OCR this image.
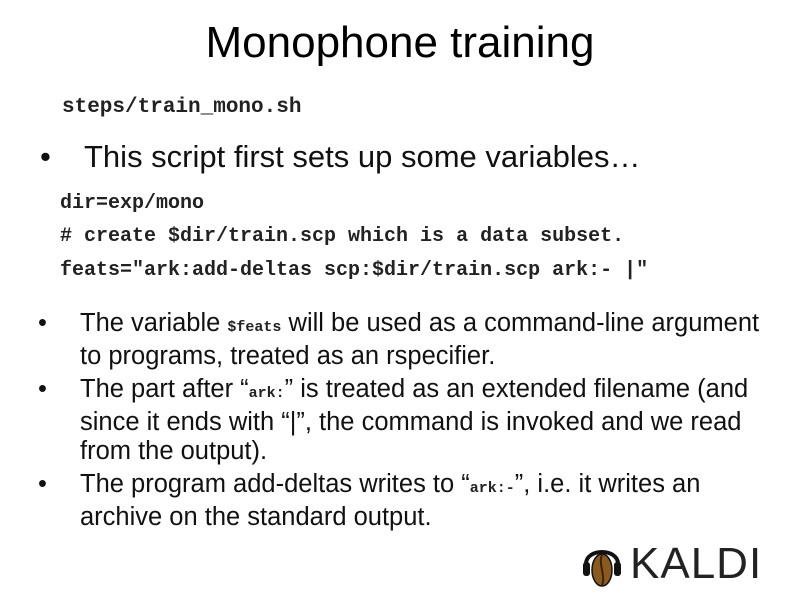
Monophone training
steps/train_mono.sh
• This script first sets up some variables…
dir=exp/mono
# create $dir/train.scp which is a data subset.
feats="ark:add-deltas scp:$dir/train.scp ark:- |"
•	The variable $feats will be used as a command-line argument to programs, treated as an rspecifier.
•	The part after “ark:” is treated as an extended filename (and since it ends with “|”, the command is invoked and we read from the output).
•	The program add-deltas writes to “ark:-”, i.e. it writes an archive on the standard output.
KALDI
